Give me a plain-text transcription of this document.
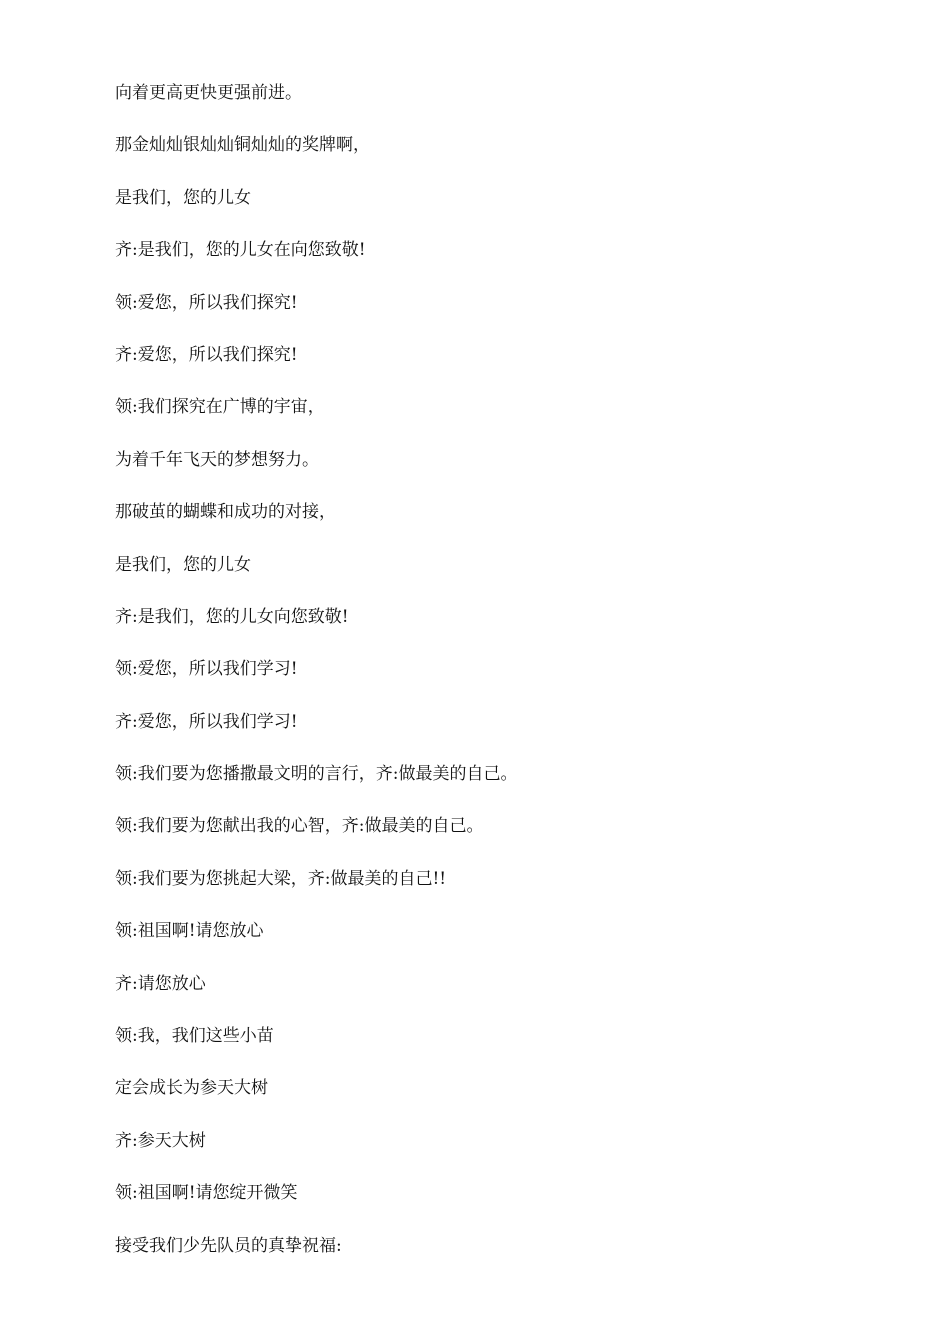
向着更高更快更强前进。
那金灿灿银灿灿铜灿灿的奖牌啊，
是我们，您的儿女
齐:是我们，您的儿女在向您致敬!
领:爱您，所以我们探究!
齐:爱您，所以我们探究!
领:我们探究在广博的宇宙，
为着千年飞天的梦想努力。
那破茧的蝴蝶和成功的对接，
是我们，您的儿女
齐:是我们，您的儿女向您致敬!
领:爱您，所以我们学习!
齐:爱您，所以我们学习!
领:我们要为您播撒最文明的言行，齐:做最美的自己。
领:我们要为您献出我的心智，齐:做最美的自己。
领:我们要为您挑起大梁，齐:做最美的自己!!
领:祖国啊!请您放心
齐:请您放心
领:我，我们这些小苗
定会成长为参天大树
齐:参天大树
领:祖国啊!请您绽开微笑
接受我们少先队员的真挚祝福:
